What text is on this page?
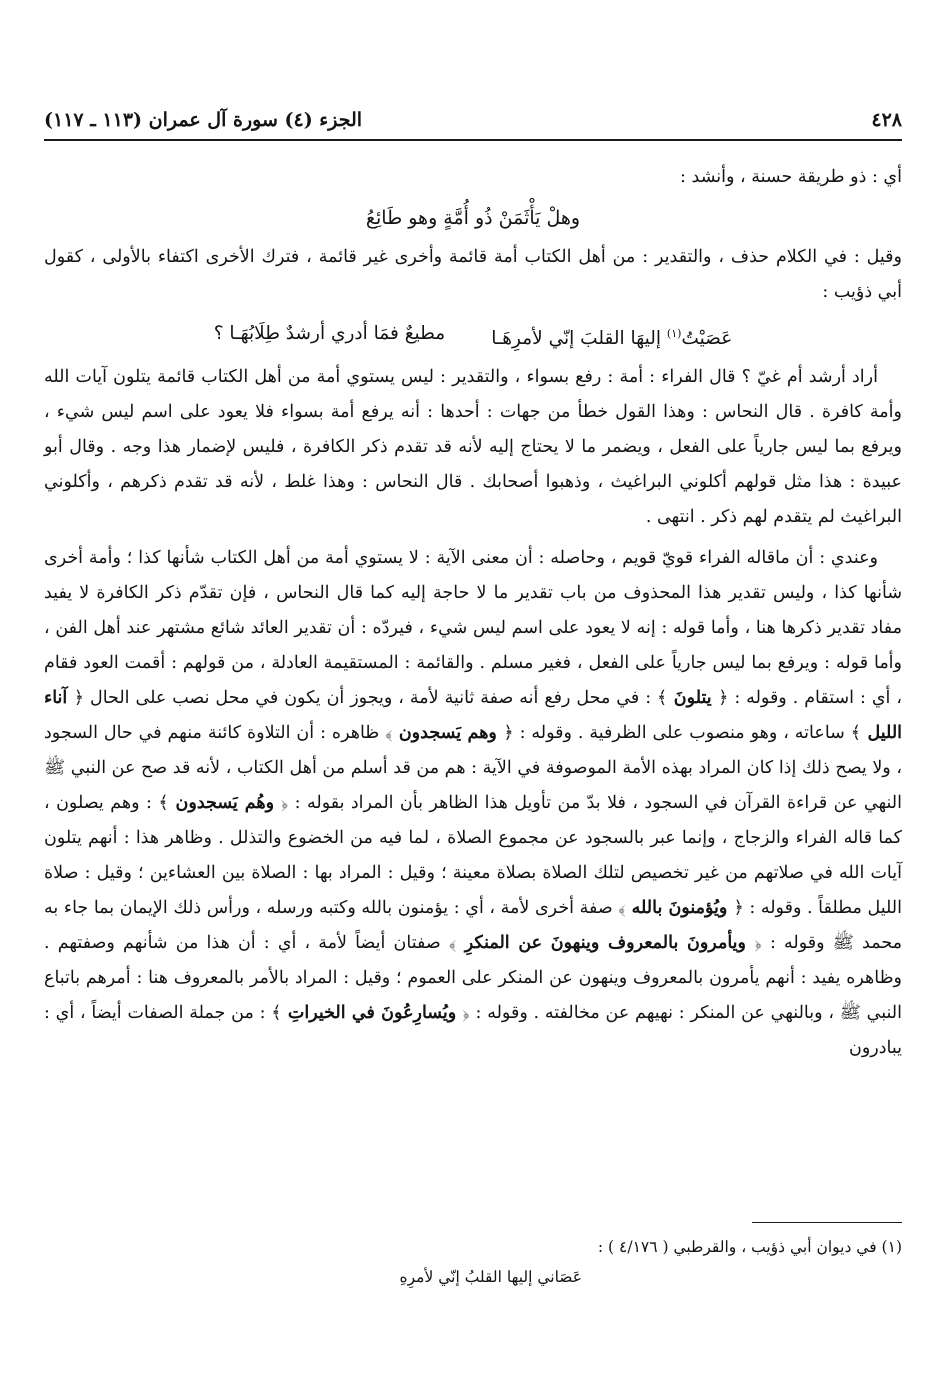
٤٢٨
الجزء (٤) سورة آل عمران (١١٣ ـ ١١٧)

أي : ذو طريقة حسنة ، وأنشد :

وهلْ يَأْثَمَنْ ذُو أُمَّةٍ وهو طَائِعُ

وقيل : في الكلام حذف ، والتقدير : من أهل الكتاب أمة قائمة وأخرى غير قائمة ، فترك الأخرى اكتفاء بالأولى ، كقول أبي ذؤيب :

عَصَيْتُ$^{(١)}$ إليهَا القلبَ إنّي لأمرِهَـا
مطيعٌ فمَا أدري أرشدٌ طِلَابُهَـا ؟

أراد أرشد أم غيّ ؟ قال الفراء : أمة : رفع بسواء ، والتقدير : ليس يستوي أمة من أهل الكتاب قائمة يتلون آيات الله وأمة كافرة . قال النحاس : وهذا القول خطأ من جهات : أحدها : أنه يرفع أمة بسواء فلا يعود على اسم ليس شيء ، ويرفع بما ليس جارياً على الفعل ، ويضمر ما لا يحتاج إليه لأنه قد تقدم ذكر الكافرة ، فليس لإضمار هذا وجه . وقال أبو عبيدة : هذا مثل قولهم أكلوني البراغيث ، وذهبوا أصحابك . قال النحاس : وهذا غلط ، لأنه قد تقدم ذكرهم ، وأكلوني البراغيث لم يتقدم لهم ذكر . انتهى .

وعندي : أن ماقاله الفراء قويّ قويم ، وحاصله : أن معنى الآية : لا يستوي أمة من أهل الكتاب شأنها كذا ؛ وأمة أخرى شأنها كذا ، وليس تقدير هذا المحذوف من باب تقدير ما لا حاجة إليه كما قال النحاس ، فإن تقدّم ذكر الكافرة لا يفيد مفاد تقدير ذكرها هنا ، وأما قوله : إنه لا يعود على اسم ليس شيء ، فيردّه : أن تقدير العائد شائع مشتهر عند أهل الفن ، وأما قوله : ويرفع بما ليس جارياً على الفعل ، فغير مسلم . والقائمة : المستقيمة العادلة ، من قولهم : أقمت العود فقام ، أي : استقام . وقوله : ﴿ يتلونَ ﴾ : في محل رفع أنه صفة ثانية لأمة ، ويجوز أن يكون في محل نصب على الحال ﴿ آناء الليل ﴾ ساعاته ، وهو منصوب على الظرفية . وقوله : ﴿ وهم يَسجدون ﴾ ظاهره : أن التلاوة كائنة منهم في حال السجود ، ولا يصح ذلك إذا كان المراد بهذه الأمة الموصوفة في الآية : هم من قد أسلم من أهل الكتاب ، لأنه قد صح عن النبي ﷺ النهي عن قراءة القرآن في السجود ، فلا بدّ من تأويل هذا الظاهر بأن المراد بقوله : ﴿ وهُم يَسجدون ﴾ : وهم يصلون ، كما قاله الفراء والزجاج ، وإنما عبر بالسجود عن مجموع الصلاة ، لما فيه من الخضوع والتذلل . وظاهر هذا : أنهم يتلون آيات الله في صلاتهم من غير تخصيص لتلك الصلاة بصلاة معينة ؛ وقيل : المراد بها : الصلاة بين العشاءين ؛ وقيل : صلاة الليل مطلقاً . وقوله : ﴿ ويُؤمنونَ بالله ﴾ صفة أخرى لأمة ، أي : يؤمنون بالله وكتبه ورسله ، ورأس ذلك الإيمان بما جاء به محمد ﷺ وقوله : ﴿ ويأمرونَ بالمعروف وينهونَ عن المنكرِ ﴾ صفتان أيضاً لأمة ، أي : أن هذا من شأنهم وصفتهم . وظاهره يفيد : أنهم يأمرون بالمعروف وينهون عن المنكر على العموم ؛ وقيل : المراد بالأمر بالمعروف هنا : أمرهم باتباع النبي ﷺ ، وبالنهي عن المنكر : نهيهم عن مخالفته . وقوله : ﴿ ويُسارِعُونَ في الخيراتِ ﴾ : من جملة الصفات أيضاً ، أي : يبادرون

(١) في ديوان أبي ذؤيب ، والقرطبي ( ٤/١٧٦ ) :

عَصَاني إليها القلبُ إنّي لأمرِهِ
